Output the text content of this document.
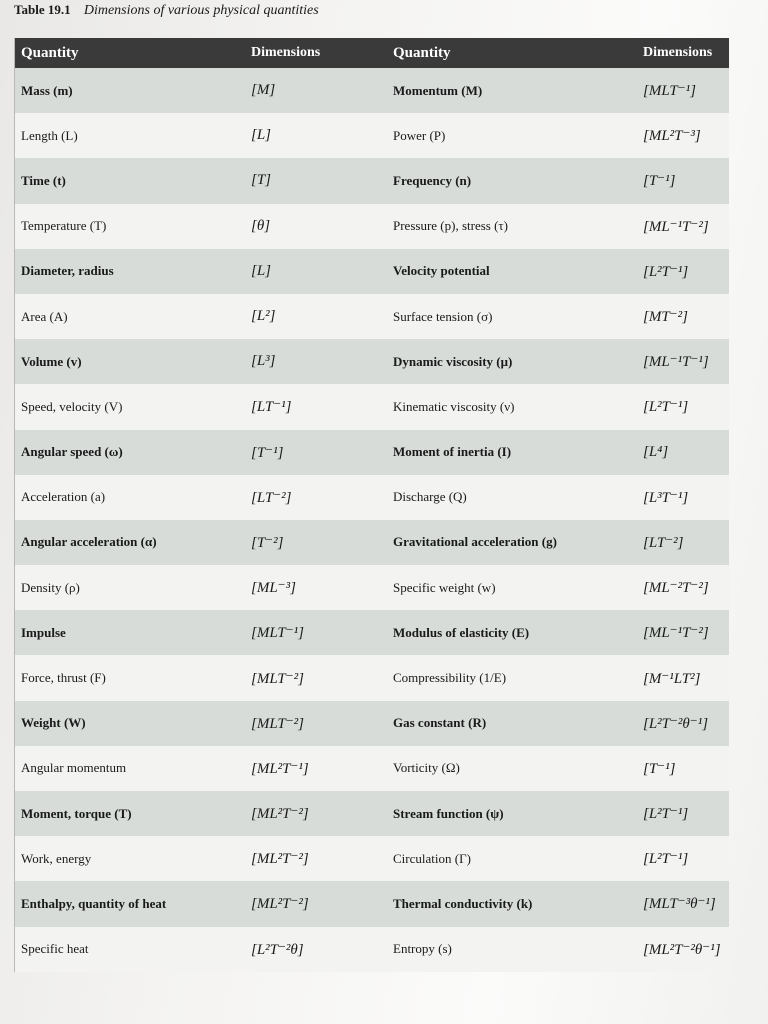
Table 19.1 Dimensions of various physical quantities
Quantity	Dimensions	Quantity	Dimensions
Mass (m)	[M]	Momentum (M)	[MLT⁻¹]
Length (L)	[L]	Power (P)	[ML²T⁻³]
Time (t)	[T]	Frequency (n)	[T⁻¹]
Temperature (T)	[θ]	Pressure (p), stress (τ)	[ML⁻¹T⁻²]
Diameter, radius	[L]	Velocity potential	[L²T⁻¹]
Area (A)	[L²]	Surface tension (σ)	[MT⁻²]
Volume (v)	[L³]	Dynamic viscosity (μ)	[ML⁻¹T⁻¹]
Speed, velocity (V)	[LT⁻¹]	Kinematic viscosity (ν)	[L²T⁻¹]
Angular speed (ω)	[T⁻¹]	Moment of inertia (I)	[L⁴]
Acceleration (a)	[LT⁻²]	Discharge (Q)	[L³T⁻¹]
Angular acceleration (α)	[T⁻²]	Gravitational acceleration (g)	[LT⁻²]
Density (ρ)	[ML⁻³]	Specific weight (w)	[ML⁻²T⁻²]
Impulse	[MLT⁻¹]	Modulus of elasticity (E)	[ML⁻¹T⁻²]
Force, thrust (F)	[MLT⁻²]	Compressibility (1/E)	[M⁻¹LT²]
Weight (W)	[MLT⁻²]	Gas constant (R)	[L²T⁻²θ⁻¹]
Angular momentum	[ML²T⁻¹]	Vorticity (Ω)	[T⁻¹]
Moment, torque (T)	[ML²T⁻²]	Stream function (ψ)	[L²T⁻¹]
Work, energy	[ML²T⁻²]	Circulation (Γ)	[L²T⁻¹]
Enthalpy, quantity of heat	[ML²T⁻²]	Thermal conductivity (k)	[MLT⁻³θ⁻¹]
Specific heat	[L²T⁻²θ]	Entropy (s)	[ML²T⁻²θ⁻¹]
